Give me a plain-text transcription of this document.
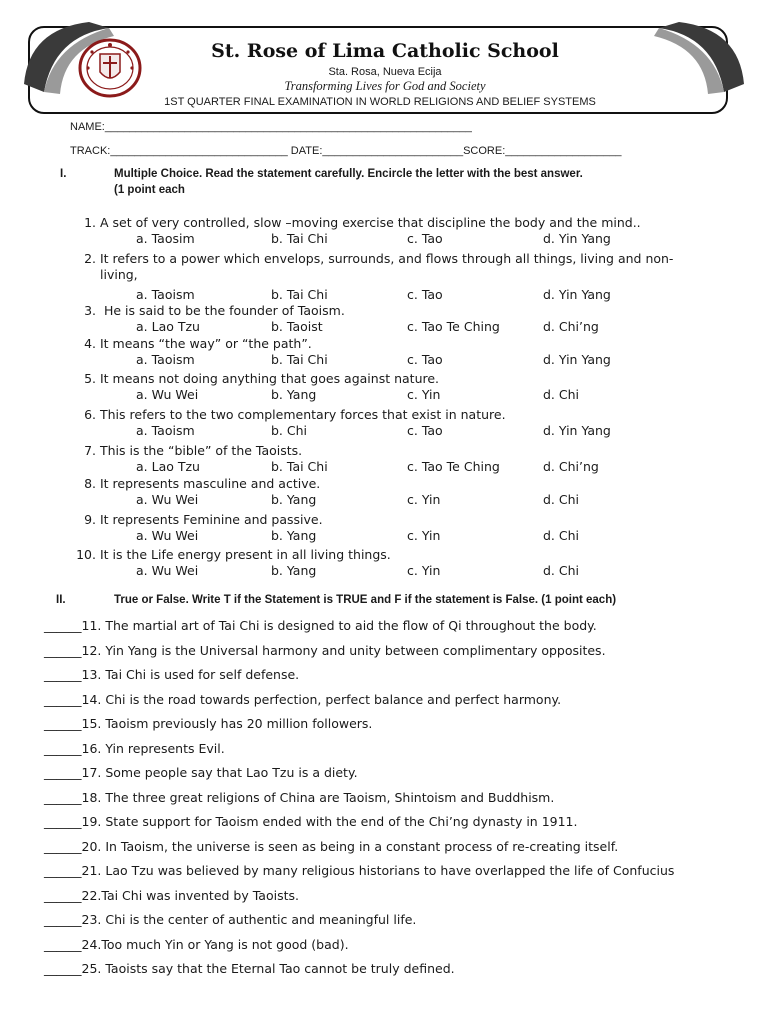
St. Rose of Lima Catholic School
Sta. Rosa, Nueva Ecija
Transforming Lives for God and Society
1ST QUARTER FINAL EXAMINATION IN WORLD RELIGIONS AND BELIEF SYSTEMS
NAME:____________________________________________________________
TRACK:_____________________________ DATE:_______________________SCORE:___________________
I.	Multiple Choice. Read the statement carefully. Encircle the letter with the best answer.
(1 point each
1. A set of very controlled, slow –moving exercise that discipline the body and the mind..
a. Taosim	b. Tai Chi	c. Tao	d. Yin Yang
2. It refers to a power which envelops, surrounds, and flows through all things, living and non-
living,
a. Taoism	b. Tai Chi	c. Tao	d. Yin Yang
3. He is said to be the founder of Taoism.
a. Lao Tzu	b. Taoist	c. Tao Te Ching	d. Chi’ng
4. It means “the way” or “the path”.
a. Taoism	b. Tai Chi	c. Tao	d. Yin Yang
5. It means not doing anything that goes against nature.
a. Wu Wei	b. Yang	c. Yin	d. Chi
6. This refers to the two complementary forces that exist in nature.
a. Taoism	b. Chi	c. Tao	d. Yin Yang
7. This is the “bible” of the Taoists.
a. Lao Tzu	b. Tai Chi	c. Tao Te Ching	d. Chi’ng
8. It represents masculine and active.
a. Wu Wei	b. Yang	c. Yin	d. Chi
9. It represents Feminine and passive.
a. Wu Wei	b. Yang	c. Yin	d. Chi
10. It is the Life energy present in all living things.
a. Wu Wei	b. Yang	c. Yin	d. Chi
II.	True or False. Write T if the Statement is TRUE and F if the statement is False. (1 point each)
______11. The martial art of Tai Chi is designed to aid the flow of Qi throughout the body.
______12. Yin Yang is the Universal harmony and unity between complimentary opposites.
______13. Tai Chi is used for self defense.
______14. Chi is the road towards perfection, perfect balance and perfect harmony.
______15. Taoism previously has 20 million followers.
______16. Yin represents Evil.
______17. Some people say that Lao Tzu is a diety.
______18. The three great religions of China are Taoism, Shintoism and Buddhism.
______19. State support for Taoism ended with the end of the Chi’ng dynasty in 1911.
______20. In Taoism, the universe is seen as being in a constant process of re-creating itself.
______21. Lao Tzu was believed by many religious historians to have overlapped the life of Confucius
______22.Tai Chi was invented by Taoists.
______23. Chi is the center of authentic and meaningful life.
______24.Too much Yin or Yang is not good (bad).
______25. Taoists say that the Eternal Tao cannot be truly defined.
